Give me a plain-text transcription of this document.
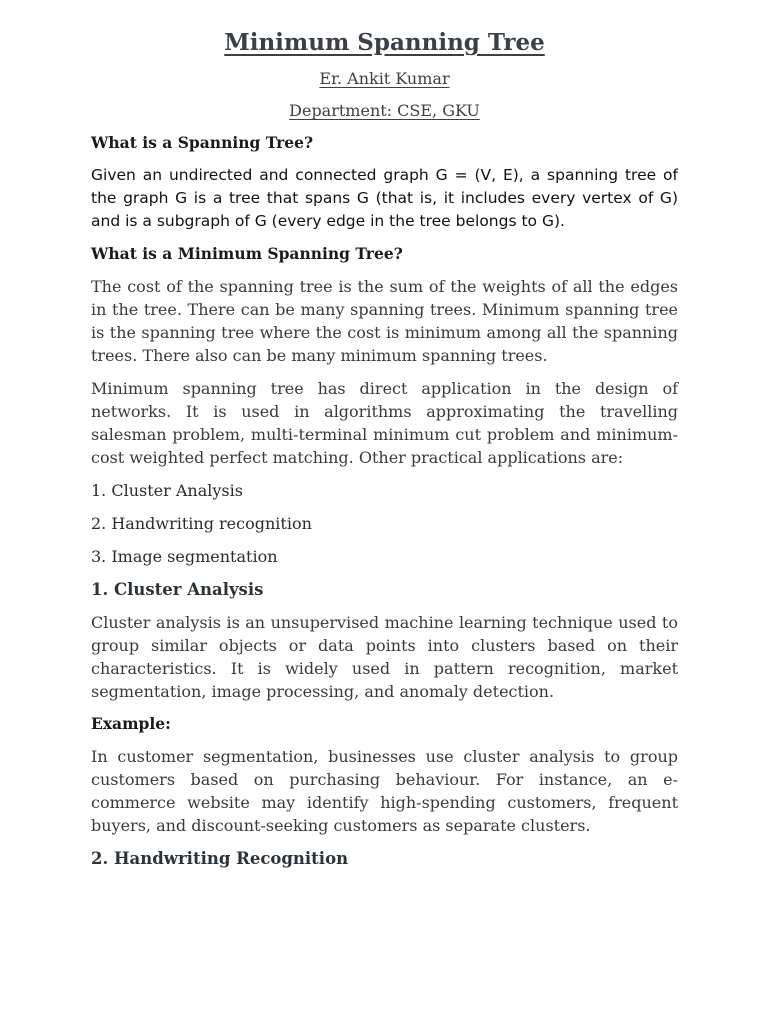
Minimum Spanning Tree
Er. Ankit Kumar
Department: CSE, GKU
What is a Spanning Tree?
Given an undirected and connected graph G = (V, E), a spanning tree of the graph G is a tree that spans G (that is, it includes every vertex of G) and is a subgraph of G (every edge in the tree belongs to G).
What is a Minimum Spanning Tree?
The cost of the spanning tree is the sum of the weights of all the edges in the tree. There can be many spanning trees. Minimum spanning tree is the spanning tree where the cost is minimum among all the spanning trees. There also can be many minimum spanning trees.
Minimum spanning tree has direct application in the design of networks. It is used in algorithms approximating the travelling salesman problem, multi-terminal minimum cut problem and minimum-cost weighted perfect matching. Other practical applications are:
1. Cluster Analysis
2. Handwriting recognition
3. Image segmentation
1. Cluster Analysis
Cluster analysis is an unsupervised machine learning technique used to group similar objects or data points into clusters based on their characteristics. It is widely used in pattern recognition, market segmentation, image processing, and anomaly detection.
Example:
In customer segmentation, businesses use cluster analysis to group customers based on purchasing behaviour. For instance, an e-commerce website may identify high-spending customers, frequent buyers, and discount-seeking customers as separate clusters.
2. Handwriting Recognition
